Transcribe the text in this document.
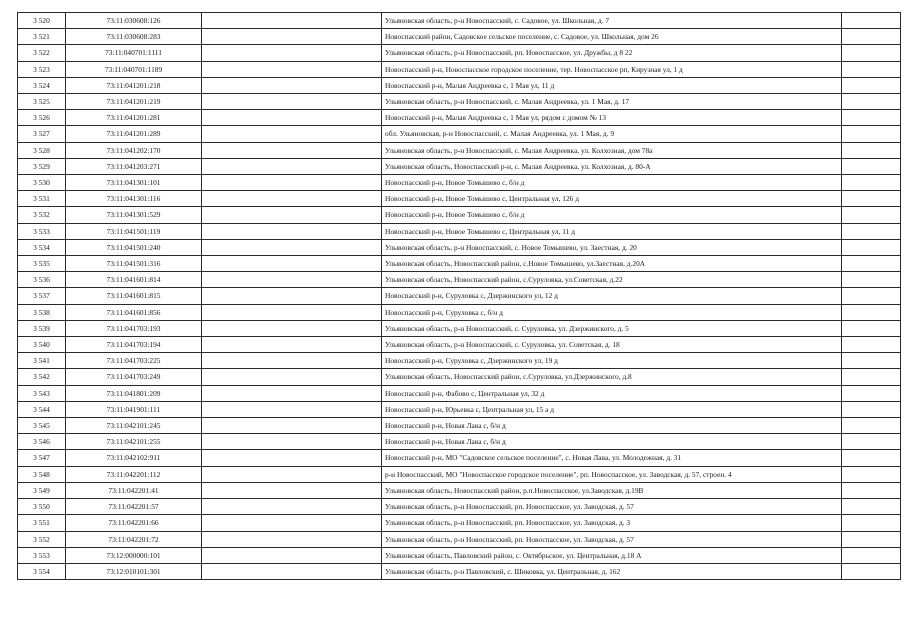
3 520	73:11:030608:126		Ульяновская область, р-н Новоспасский, с. Садовое, ул. Школьная, д. 7	
3 521	73:11:030608:283		Новоспасский район, Садовское сельское поселение, с. Садовое, ул. Школьная, дом 26	
3 522	73:11:040701:1111		Ульяновская область, р-н Новоспасский, рп. Новоспасское, ул. Дружбы, д 8 22	
3 523	73:11:040701:1189		Новоспасский р-н, Новоспасское городское поселение, тер. Новоспасское рп, Кирузная ул, 1 д	
3 524	73:11:041201:218		Новоспасский р-н, Малая Андреевка с, 1 Мая ул, 11 д	
3 525	73:11:041201:219		Ульяновская область, р-н Новоспасский, с. Малая Андреевка, ул. 1 Мая, д. 17	
3 526	73:11:041201:281		Новоспасский р-н, Малая Андреевка с, 1 Мая ул, рядом с домом № 13	
3 527	73:11:041201:289		обл. Ульяновская, р-н Новоспасский, с. Малая Андреевка, ул. 1 Мая, д. 9	
3 528	73:11:041202:170		Ульяновская область, р-н Новоспасский, с. Малая Андреевка, ул. Колхозная, дом 78а	
3 529	73:11:041203:271		Ульяновская область, Новоспасский р-н, с. Малая Андреевка, ул. Колхозная, д. 80-А	
3 530	73:11:041301:101		Новоспасский р-н, Новое Томышево с, б/н д	
3 531	73:11:041301:116		Новоспасский р-н, Новое Томышево с, Центральная ул, 126 д	
3 532	73:11:041301:529		Новоспасский р-н, Новое Томышево с, б/н д	
3 533	73:11:041501:119		Новоспасский р-н, Новое Томышево с, Центральная ул, 11 д	
3 534	73:11:041501:240		Ульяновская область, р-н Новоспасский, с. Новое Томышево, ул. Заестная, д. 20	
3 535	73:11:041501:316		Ульяновская область, Новоспасский район, с.Новое Томышево, ул.Заестная, д.20А	
3 536	73:11:041601:814		Ульяновская область, Новоспасский район, с.Суруловка, ул.Советская, д.22	
3 537	73:11:041601:815		Новоспасский р-н, Суруловка с, Дзержинского ул, 12 д	
3 538	73:11:041601:856		Новоспасский р-н, Суруловка с, б/н д	
3 539	73:11:041703:193		Ульяновская область, р-н Новоспасский, с. Суруловка, ул. Дзержинского, д. 5	
3 540	73:11:041703:194		Ульяновская область, р-н Новоспасский, с. Суруловка, ул. Советская, д. 18	
3 541	73:11:041703:225		Новоспасский р-н, Суруловка с, Дзержинского ул, 19 д	
3 542	73:11:041703:249		Ульяновская область, Новоспасский район, с.Суруловка, ул.Дзержинского, д.8	
3 543	73:11:041801:209		Новоспасский р-н, Фабово с, Центральная ул, 32 д	
3 544	73:11:041901:111		Новоспасский р-н, Юрьевка с, Центральная ул, 15 а д	
3 545	73:11:042101:245		Новоспасский р-н, Новая Лава с, б/н д	
3 546	73:11:042101:255		Новоспасский р-н, Новая Лава с, б/н д	
3 547	73:11:042102:911		Новоспасский р-н, МО "Садовское сельское поселение", с. Новая Лава, ул. Молодежная, д. 31	
3 548	73:11:042201:112		р-н Новоспасский, МО "Новоспасское городское поселение", рп. Новоспасское, ул. Заводская, д. 57, строен. 4	
3 549	73:11:042201:41		Ульяновская область, Новоспасский район, р.п.Новоспасское, ул.Заводская, д.19В	
3 550	73:11:042201:57		Ульяновская область, р-н Новоспасский, рп. Новоспасское, ул. Заводская, д. 57	
3 551	73:11:042201:66		Ульяновская область, р-н Новоспасский, рп. Новоспасское, ул. Заводская, д. 3	
3 552	73:11:042201:72		Ульяновская область, р-н Новоспасский, рп. Новоспасское, ул. Заводская, д. 57	
3 553	73:12:000000:101		Ульяновская область, Павловский район, с. Октябрьское, ул. Центральная, д.18 А	
3 554	73:12:010101:301		Ульяновская область, р-н Павловский, с. Шиковка, ул. Центральная, д. 162	
